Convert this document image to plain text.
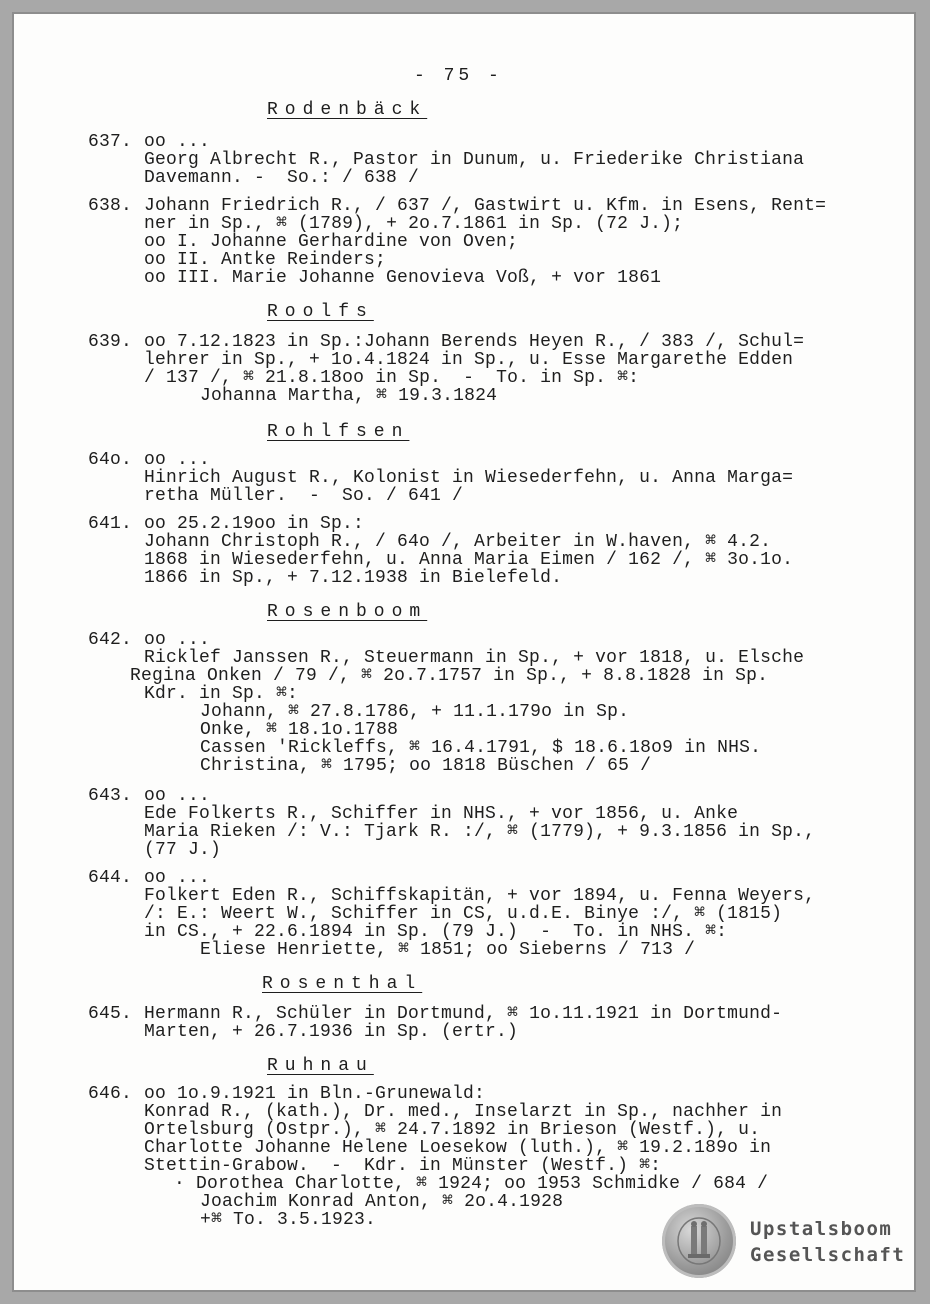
- 75 -
Rodenbäck
637. oo ...
Georg Albrecht R., Pastor in Dunum, u. Friederike Christiana
Davemann. -  So.: / 638 /
638. Johann Friedrich R., / 637 /, Gastwirt u. Kfm. in Esens, Rent=
ner in Sp., ⌘ (1789), + 2o.7.1861 in Sp. (72 J.);
oo I. Johanne Gerhardine von Oven;
oo II. Antke Reinders;
oo III. Marie Johanne Genovieva Voß, + vor 1861
Roolfs
639. oo 7.12.1823 in Sp.:Johann Berends Heyen R., / 383 /, Schul=
lehrer in Sp., + 1o.4.1824 in Sp., u. Esse Margarethe Edden
/ 137 /, ⌘ 21.8.18oo in Sp.  -  To. in Sp. ⌘:
Johanna Martha, ⌘ 19.3.1824
Rohlfsen
64o. oo ...
Hinrich August R., Kolonist in Wiesederfehn, u. Anna Marga=
retha Müller.  -  So. / 641 /
641. oo 25.2.19oo in Sp.:
Johann Christoph R., / 64o /, Arbeiter in W.haven, ⌘ 4.2.
1868 in Wiesederfehn, u. Anna Maria Eimen / 162 /, ⌘ 3o.1o.
1866 in Sp., + 7.12.1938 in Bielefeld.
Rosenboom
642. oo ...
Ricklef Janssen R., Steuermann in Sp., + vor 1818, u. Elsche
Regina Onken / 79 /, ⌘ 2o.7.1757 in Sp., + 8.8.1828 in Sp.
Kdr. in Sp. ⌘:
Johann, ⌘ 27.8.1786, + 11.1.179o in Sp.
Onke, ⌘ 18.1o.1788
Cassen 'Rickleffs, ⌘ 16.4.1791, $ 18.6.18o9 in NHS.
Christina, ⌘ 1795; oo 1818 Büschen / 65 /
643. oo ...
Ede Folkerts R., Schiffer in NHS., + vor 1856, u. Anke
Maria Rieken /: V.: Tjark R. :/, ⌘ (1779), + 9.3.1856 in Sp.,
(77 J.)
644. oo ...
Folkert Eden R., Schiffskapitän, + vor 1894, u. Fenna Weyers,
/: E.: Weert W., Schiffer in CS, u.d.E. Binye :/, ⌘ (1815)
in CS., + 22.6.1894 in Sp. (79 J.)  -  To. in NHS. ⌘:
Eliese Henriette, ⌘ 1851; oo Sieberns / 713 /
Rosenthal
645. Hermann R., Schüler in Dortmund, ⌘ 1o.11.1921 in Dortmund-
Marten, + 26.7.1936 in Sp. (ertr.)
Ruhnau
646. oo 1o.9.1921 in Bln.-Grunewald:
Konrad R., (kath.), Dr. med., Inselarzt in Sp., nachher in
Ortelsburg (Ostpr.), ⌘ 24.7.1892 in Brieson (Westf.), u.
Charlotte Johanne Helene Loesekow (luth.), ⌘ 19.2.189o in
Stettin-Grabow.  -  Kdr. in Münster (Westf.) ⌘:
· Dorothea Charlotte, ⌘ 1924; oo 1953 Schmidke / 684 /
Joachim Konrad Anton, ⌘ 2o.4.1928
+⌘ To. 3.5.1923.	Upstalsboom
Gesellschaft
